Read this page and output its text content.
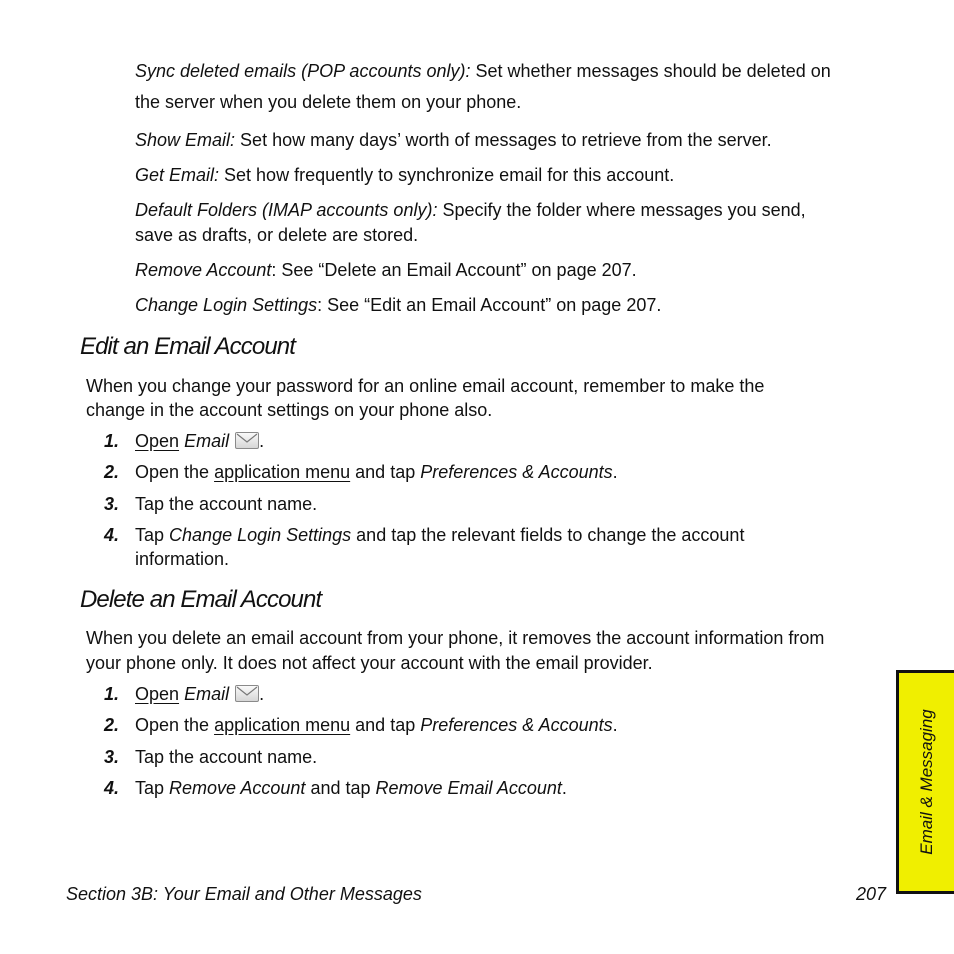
Sync deleted emails (POP accounts only): Set whether messages should be deleted on
the server when you delete them on your phone.
Show Email: Set how many days’ worth of messages to retrieve from the server.
Get Email: Set how frequently to synchronize email for this account.
Default Folders (IMAP accounts only): Specify the folder where messages you send,
save as drafts, or delete are stored.
Remove Account: See “Delete an Email Account” on page 207.
Change Login Settings: See “Edit an Email Account” on page 207.
Edit an Email Account
When you change your password for an online email account, remember to make the
change in the account settings on your phone also.
1. Open Email .
2. Open the application menu and tap Preferences & Accounts.
3. Tap the account name.
4. Tap Change Login Settings and tap the relevant fields to change the account
information.
Delete an Email Account
When you delete an email account from your phone, it removes the account information from
your phone only. It does not affect your account with the email provider.
1. Open Email .
2. Open the application menu and tap Preferences & Accounts.
3. Tap the account name.
4. Tap Remove Account and tap Remove Email Account.
Section 3B: Your Email and Other Messages	207
Email & Messaging
